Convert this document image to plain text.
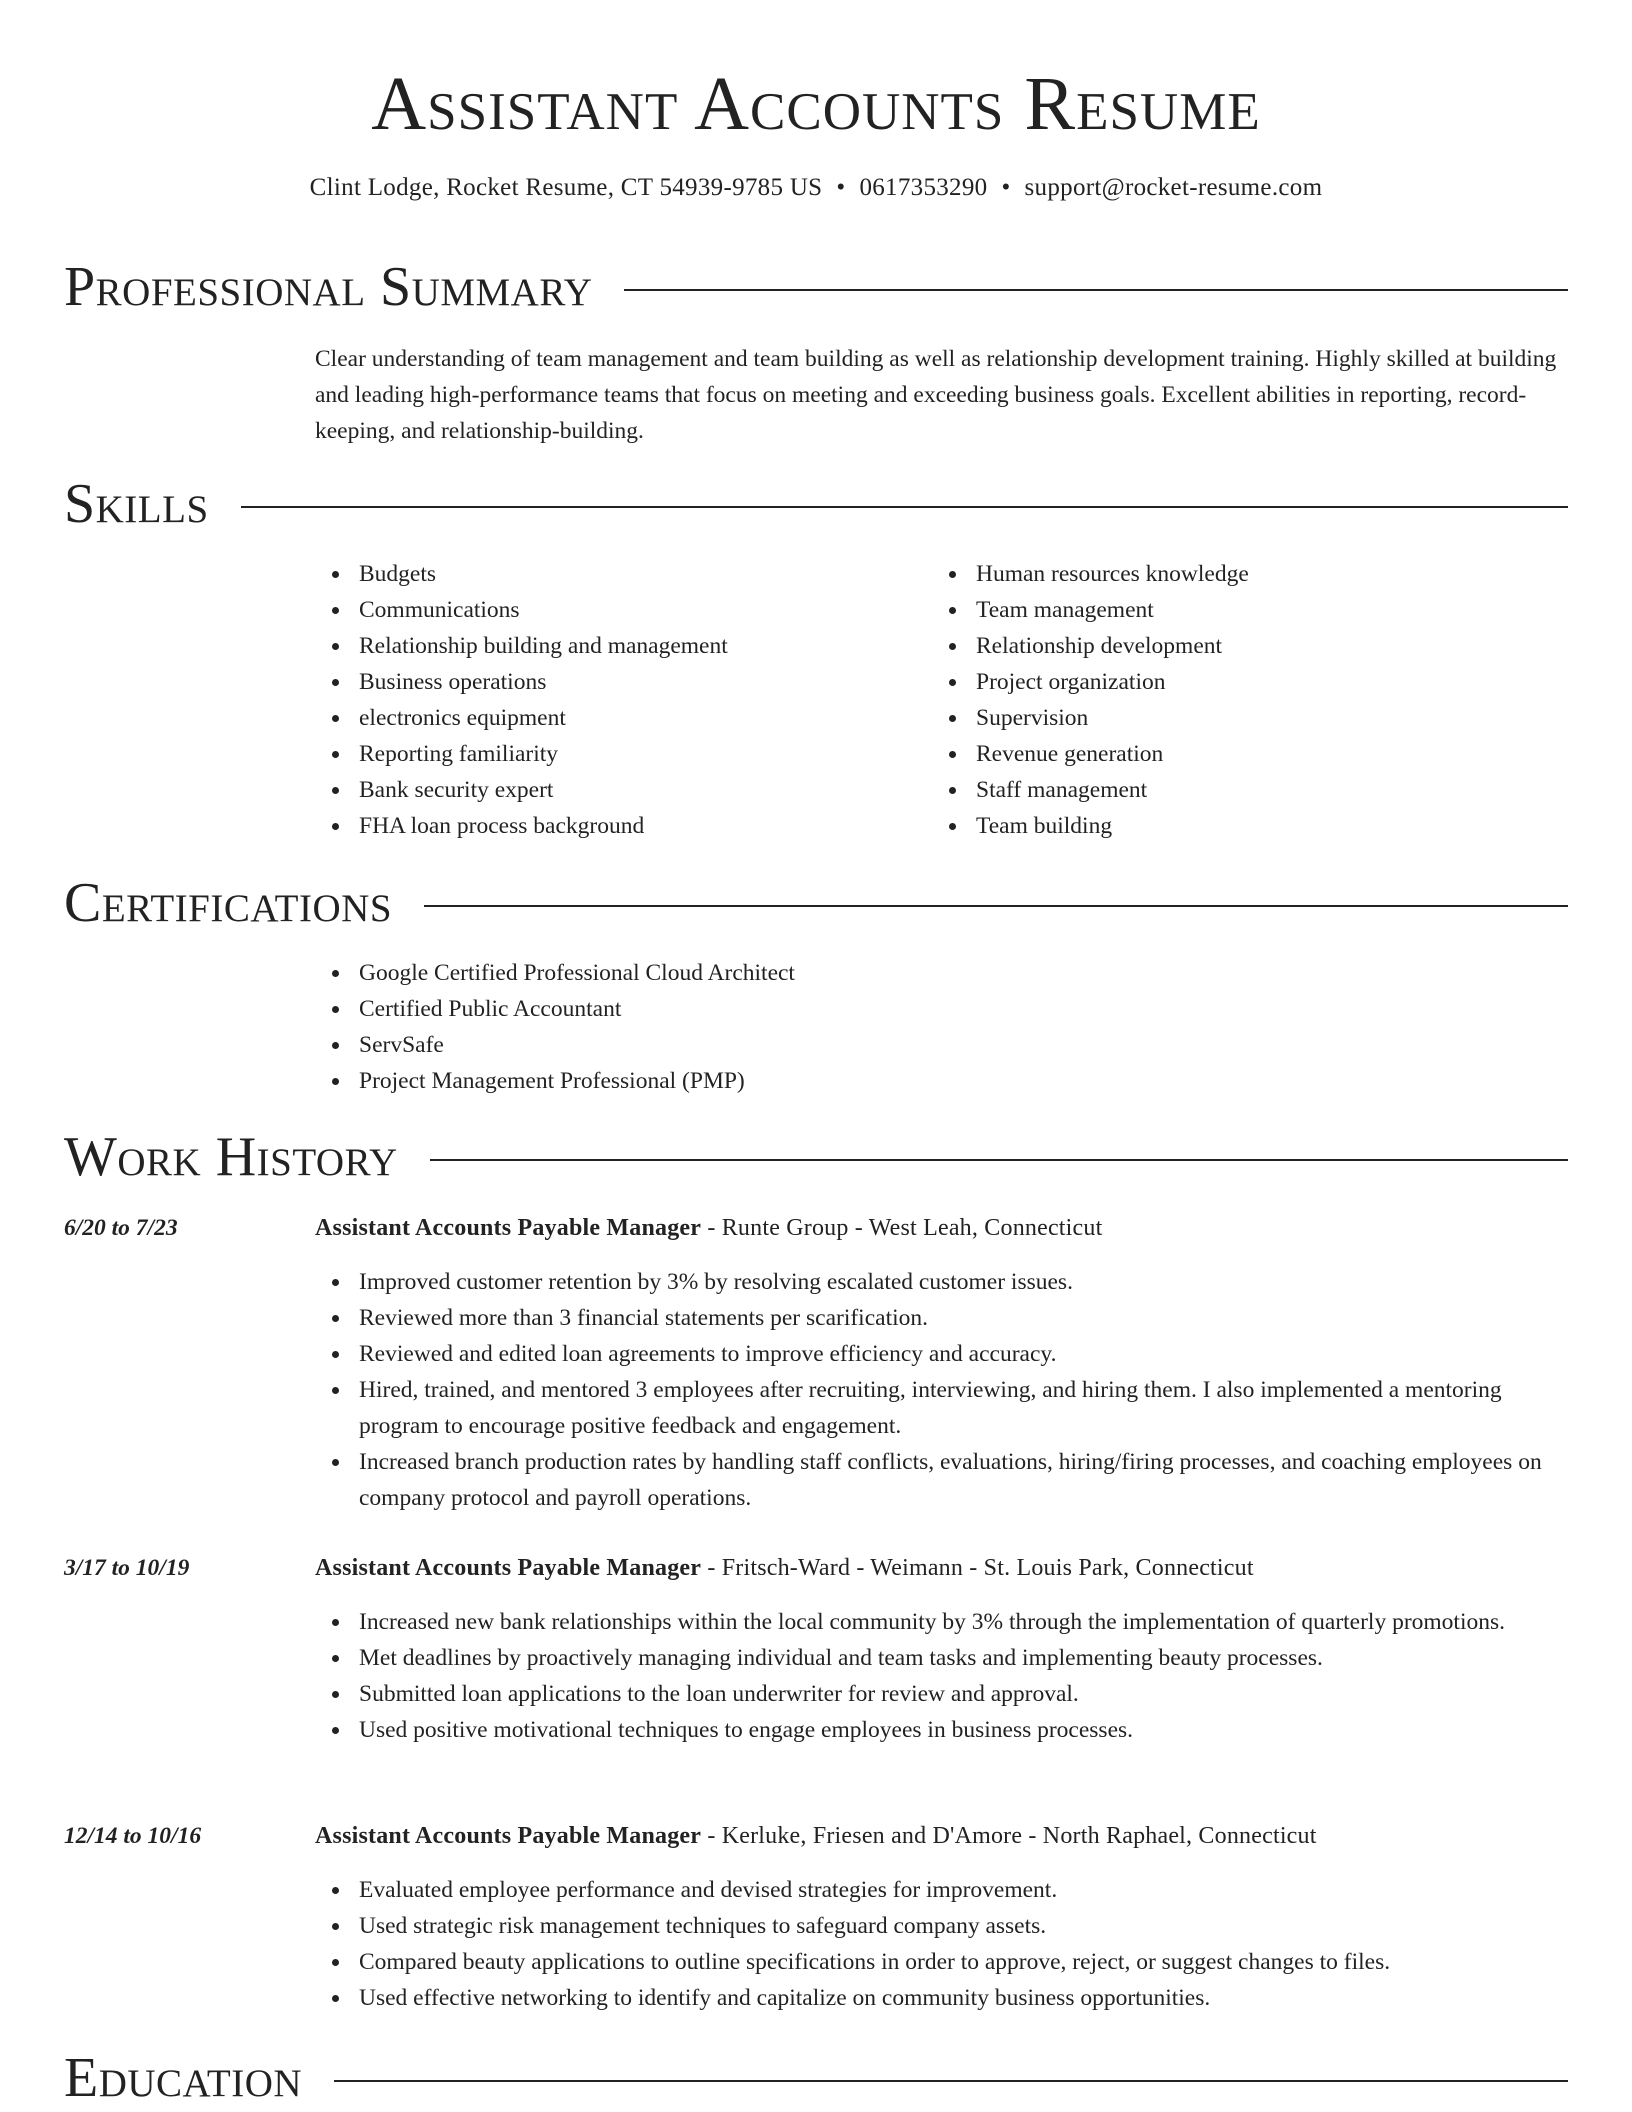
Assistant Accounts Resume
Clint Lodge, Rocket Resume, CT 54939-9785 US • 0617353290 • support@rocket-resume.com
Professional Summary

Clear understanding of team management and team building as well as relationship development training. Highly skilled at building and leading high-performance teams that focus on meeting and exceeding business goals. Excellent abilities in reporting, record-keeping, and relationship-building.

Skills
Budgets
Communications
Relationship building and management
Business operations
electronics equipment
Reporting familiarity
Bank security expert
FHA loan process background
Human resources knowledge
Team management
Relationship development
Project organization
Supervision
Revenue generation
Staff management
Team building
Certifications
Google Certified Professional Cloud Architect
Certified Public Accountant
ServSafe
Project Management Professional (PMP)
Work History
6/20 to 7/23	Assistant Accounts Payable Manager - Runte Group - West Leah, Connecticut
Improved customer retention by 3% by resolving escalated customer issues.
Reviewed more than 3 financial statements per scarification.
Reviewed and edited loan agreements to improve efficiency and accuracy.
Hired, trained, and mentored 3 employees after recruiting, interviewing, and hiring them. I also implemented a mentoring program to encourage positive feedback and engagement.
Increased branch production rates by handling staff conflicts, evaluations, hiring/firing processes, and coaching employees on company protocol and payroll operations.
3/17 to 10/19	Assistant Accounts Payable Manager - Fritsch-Ward - Weimann - St. Louis Park, Connecticut
Increased new bank relationships within the local community by 3% through the implementation of quarterly promotions.
Met deadlines by proactively managing individual and team tasks and implementing beauty processes.
Submitted loan applications to the loan underwriter for review and approval.
Used positive motivational techniques to engage employees in business processes.
12/14 to 10/16	Assistant Accounts Payable Manager - Kerluke, Friesen and D'Amore - North Raphael, Connecticut
Evaluated employee performance and devised strategies for improvement.
Used strategic risk management techniques to safeguard company assets.
Compared beauty applications to outline specifications in order to approve, reject, or suggest changes to files.
Used effective networking to identify and capitalize on community business opportunities.
Education
